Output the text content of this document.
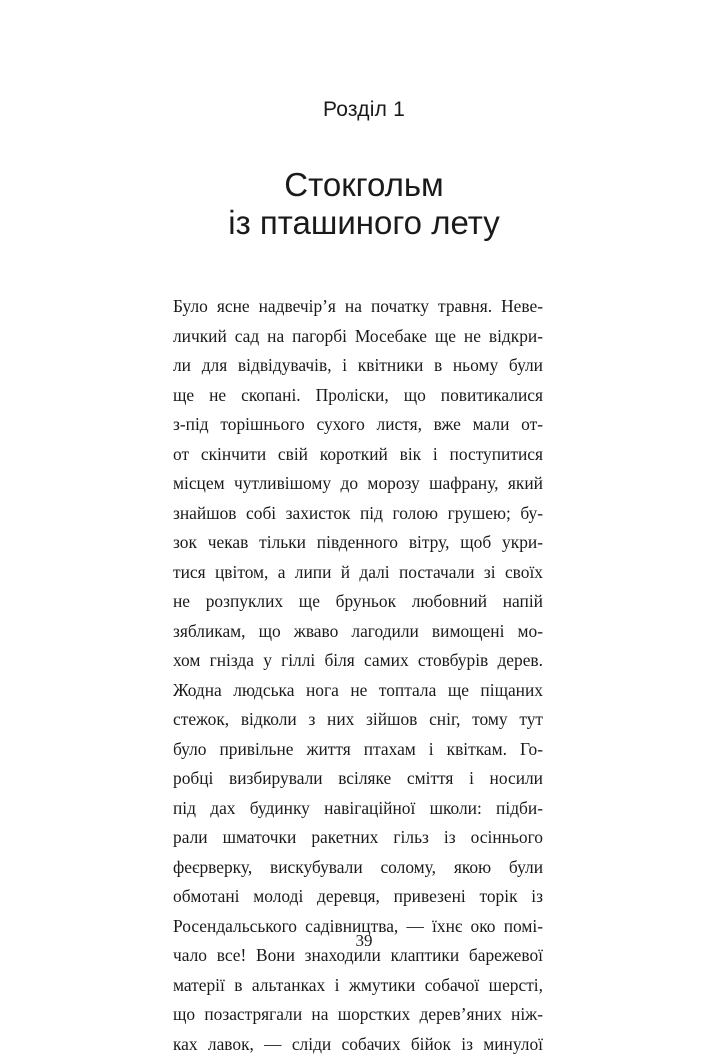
Розділ 1
Стокгольм
із пташиного лету
Було ясне надвечір’я на початку травня. Неве-
личкий сад на пагорбі Мосебаке ще не відкри-
ли для відвідувачів, і квітники в ньому були
ще не скопані. Проліски, що повитикалися
з-під торішнього сухого листя, вже мали от-
от скінчити свій короткий вік і поступитися
місцем чутливішому до морозу шафрану, який
знайшов собі захисток під голою грушею; бу-
зок чекав тільки південного вітру, щоб укри-
тися цвітом, а липи й далі постачали зі своїх
не розпуклих ще бруньок любовний напій
зябликам, що жваво лагодили вимощені мо-
хом гнізда у гіллі біля самих стовбурів дерев.
Жодна людська нога не топтала ще піщаних
стежок, відколи з них зійшов сніг, тому тут
було привільне життя птахам і квіткам. Го-
робці визбирували всіляке сміття і носили
під дах будинку навігаційної школи: підби-
рали шматочки ракетних гільз із осіннього
феєрверку, вискубували солому, якою були
обмотані молоді деревця, привезені торік із
Росендальського садівництва, — їхнє око помі-
чало все! Вони знаходили клаптики барежевої
матерії в альтанках і жмутики собачої шерсті,
що позастрягали на шорстких дерев’яних ніж-
ках лавок, — сліди собачих бійок із минулої
39
